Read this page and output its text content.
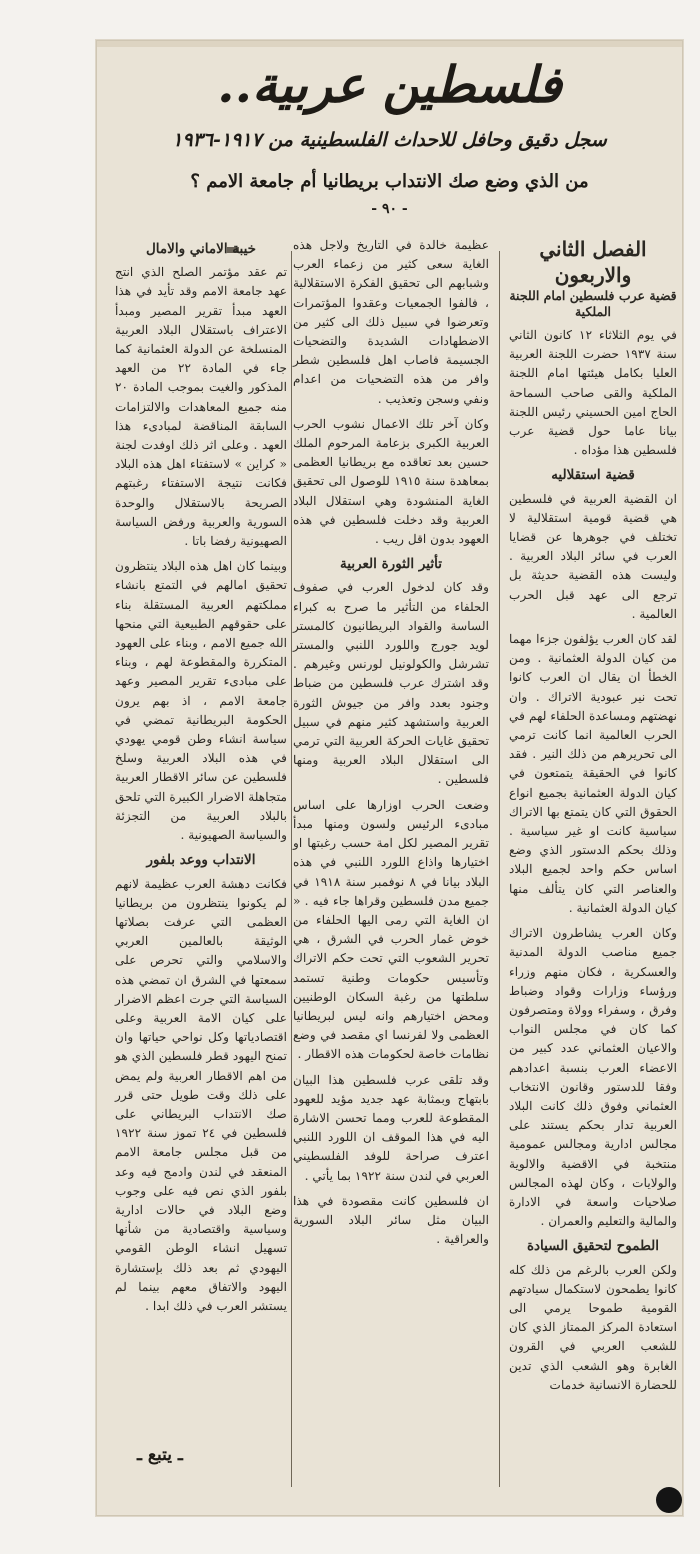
فلسطين عربية..
سجل دقيق وحافل للاحداث الفلسطينية من ١٩١٧-١٩٣٦
من الذي وضع صك الانتداب بريطانيا أم جامعة الامم ؟
- ٩٠ -
الفصل الثاني والاربعون
قضية عرب فلسطين امام اللجنة الملكية

في يوم الثلاثاء ١٢ كانون الثاني سنة ١٩٣٧ حضرت اللجنة العربية العليا بكامل هيئتها امام اللجنة الملكية والقى صاحب السماحة الحاج امين الحسيني رئيس اللجنة بيانا عاما حول قضية عرب فلسطين هذا مؤداه .

قضية استقلاليه

ان القضية العربية في فلسطين هي قضية قومية استقلالية لا تختلف في جوهرها عن قضايا العرب في سائر البلاد العربية . وليست هذه القضية حديثة بل ترجع الى عهد قبل الحرب العالمية .

لقد كان العرب يؤلفون جزءا مهما من كيان الدولة العثمانية . ومن الخطأ ان يقال ان العرب كانوا تحت نير عبودية الاتراك . وان نهضتهم ومساعدة الحلفاء لهم في الحرب العالمية انما كانت ترمي الى تحريرهم من ذلك النير . فقد كانوا في الحقيقة يتمتعون في كيان الدولة العثمانية بجميع انواع الحقوق التي كان يتمتع بها الاتراك سياسية كانت او غير سياسية . وذلك بحكم الدستور الذي وضع اساس حكم واحد لجميع البلاد والعناصر التي كان يتألف منها كيان الدولة العثمانية .

وكان العرب يشاطرون الاتراك جميع مناصب الدولة المدنية والعسكرية ، فكان منهم وزراء ورؤساء وزارات وقواد وضباط وفرق ، وسفراء وولاة ومتصرفون كما كان في مجلس النواب والاعيان العثماني عدد كبير من الاعضاء العرب بنسبة اعدادهم وفقا للدستور وقانون الانتخاب العثماني وفوق ذلك كانت البلاد العربية تدار بحكم يستند على مجالس ادارية ومجالس عمومية منتخبة في الاقضية والالوية والولايات ، وكان لهذه المجالس صلاحيات واسعة في الادارة والمالية والتعليم والعمران .

الطموح لتحقيق السيادة

ولكن العرب بالرغم من ذلك كله كانوا يطمحون لاستكمال سيادتهم القومية طموحا يرمي الى استعادة المركز الممتاز الذي كان للشعب العربي في القرون الغابرة وهو الشعب الذي تدين للحضارة الانسانية خدمات

عظيمة خالدة في التاريخ ولاجل هذه الغاية سعى كثير من زعماء العرب وشبابهم الى تحقيق الفكرة الاستقلالية ، فالفوا الجمعيات وعقدوا المؤتمرات وتعرضوا في سبيل ذلك الى كثير من الاضطهادات الشديدة والتضحيات الجسيمة فاصاب اهل فلسطين شطر وافر من هذه التضحيات من اعدام ونفي وسجن وتعذيب .

وكان آخر تلك الاعمال نشوب الحرب العربية الكبرى بزعامة المرحوم الملك حسين بعد تعاقده مع بريطانيا العظمى بمعاهدة سنة ١٩١٥ للوصول الى تحقيق الغاية المنشودة وهي استقلال البلاد العربية وقد دخلت فلسطين في هذه العهود بدون اقل ريب .

تأثير الثورة العربية

وقد كان لدخول العرب في صفوف الحلفاء من التأثير ما صرح به كبراء الساسة والقواد البريطانيون كالمستر لويد جورج واللورد اللنبي والمستر تشرشل والكولونيل لورنس وغيرهم . وقد اشترك عرب فلسطين من ضباط وجنود بعدد وافر من جيوش الثورة العربية واستشهد كثير منهم في سبيل تحقيق غايات الحركة العربية التي ترمي الى استقلال البلاد العربية ومنها فلسطين .

وضعت الحرب اوزارها على اساس مبادىء الرئيس ولسون ومنها مبدأ تقرير المصير لكل امة حسب رغبتها او اختيارها واذاع اللورد اللنبي في هذه البلاد بيانا في ٨ نوفمبر سنة ١٩١٨ في جميع مدن فلسطين وقراها جاء فيه . « ان الغاية التي رمى اليها الحلفاء من خوض غمار الحرب في الشرق ، هي تحرير الشعوب التي تحت حكم الاتراك وتأسيس حكومات وطنية تستمد سلطتها من رغبة السكان الوطنيين ومحض اختيارهم وانه ليس لبريطانيا العظمى ولا لفرنسا اي مقصد في وضع نظامات خاصة لحكومات هذه الاقطار .

وقد تلقى عرب فلسطين هذا البيان بابتهاج وبمثابة عهد جديد مؤيد للعهود المقطوعة للعرب ومما تحسن الاشارة اليه في هذا الموقف ان اللورد اللنبي اعترف صراحة للوفد الفلسطيني العربي في لندن سنة ١٩٢٢ بما يأتي .

ان فلسطين كانت مقصودة في هذا البيان مثل سائر البلاد السورية والعراقية .

خيبة الاماني والامال

تم عقد مؤتمر الصلح الذي انتج عهد جامعة الامم وقد تأيد في هذا العهد مبدأ تقرير المصير ومبدأ الاعتراف باستقلال البلاد العربية المنسلخة عن الدولة العثمانية كما جاء في المادة ٢٢ من العهد المذكور والغيت بموجب المادة ٢٠ منه جميع المعاهدات والالتزامات السابقة المناقضة لمبادىء هذا العهد . وعلى اثر ذلك اوفدت لجنة « كراين » لاستفتاء اهل هذه البلاد فكانت نتيجة الاستفتاء رغبتهم الصريحة بالاستقلال والوحدة السورية والعربية ورفض السياسة الصهيونية رفضا باتا .

وبينما كان اهل هذه البلاد ينتظرون تحقيق امالهم في التمتع بانشاء مملكتهم العربية المستقلة بناء على حقوقهم الطبيعية التي منحها الله جميع الامم ، وبناء على العهود المتكررة والمقطوعة لهم ، وبناء على مبادىء تقرير المصير وعهد جامعة الامم ، اذ بهم يرون الحكومة البريطانية تمضي في سياسة انشاء وطن قومي يهودي في هذه البلاد العربية وسلخ فلسطين عن سائر الاقطار العربية متجاهلة الاضرار الكبيرة التي تلحق بالبلاد العربية من التجزئة والسياسة الصهيونية .

الانتداب ووعد بلفور

فكانت دهشة العرب عظيمة لانهم لم يكونوا ينتظرون من بريطانيا العظمى التي عرفت بصلاتها الوثيقة بالعالمين العربي والاسلامي والتي تحرص على سمعتها في الشرق ان تمضي هذه السياسة التي جرت اعظم الاضرار على كيان الامة العربية وعلى اقتصادياتها وكل نواحي حياتها وان تمنح اليهود قطر فلسطين الذي هو من اهم الاقطار العربية ولم يمض على ذلك وقت طويل حتى قرر صك الانتداب البريطاني على فلسطين في ٢٤ تموز سنة ١٩٢٢ من قبل مجلس جامعة الامم المنعقد في لندن وادمج فيه وعد بلفور الذي نص فيه على وجوب وضع البلاد في حالات ادارية وسياسية واقتصادية من شأنها تسهيل انشاء الوطن القومي اليهودي ثم بعد ذلك بإستشارة اليهود والاتفاق معهم بينما لم يستشر العرب في ذلك ابدا .

ـ يتبع ـ
